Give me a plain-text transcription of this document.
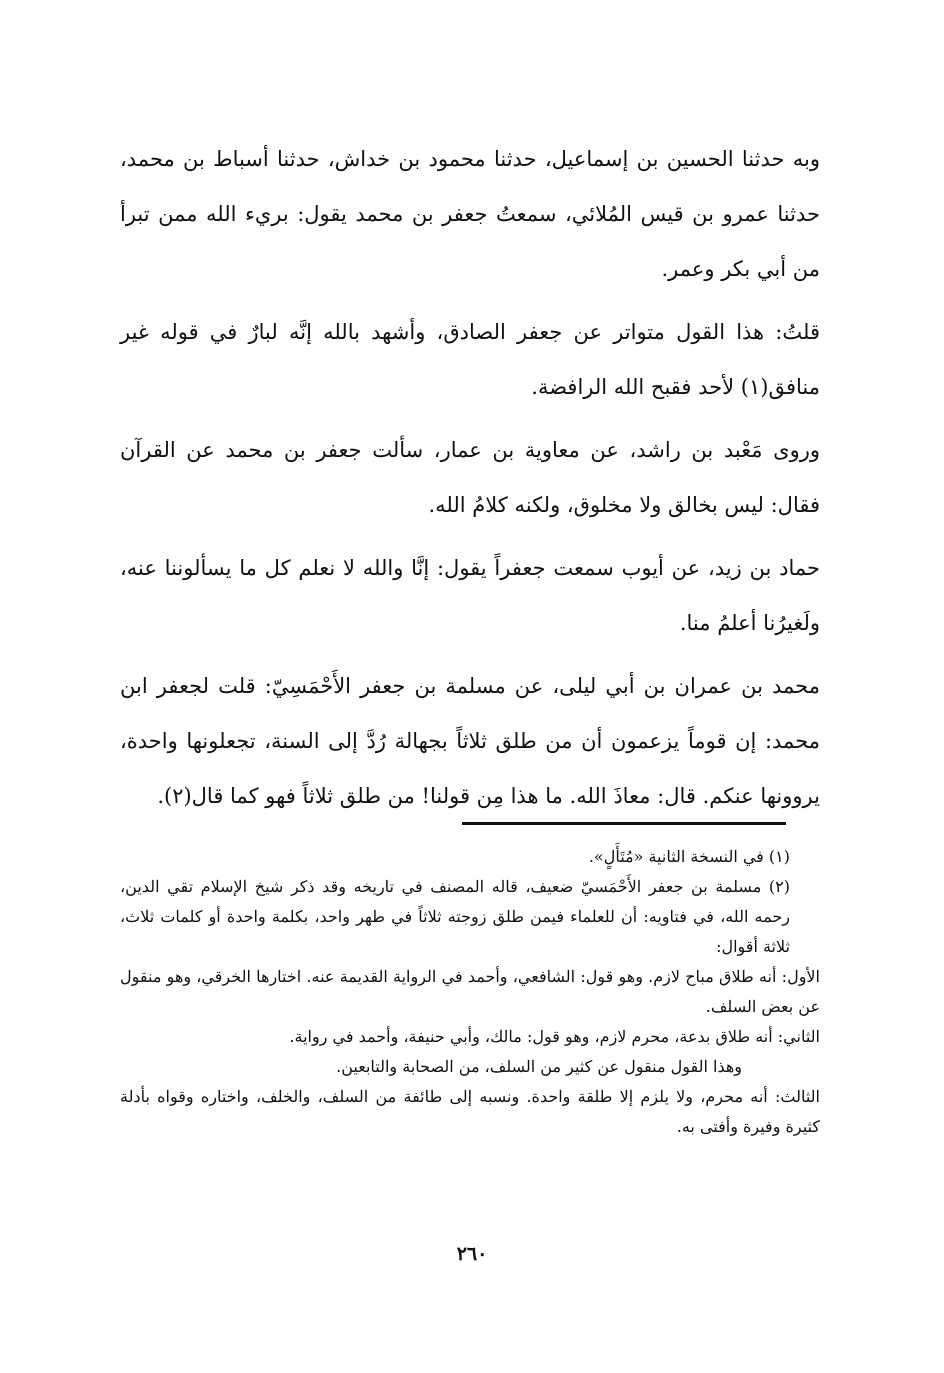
وبه حدثنا الحسين بن إسماعيل، حدثنا محمود بن خداش، حدثنا أسباط بن محمد، حدثنا عمرو بن قيس المُلائي، سمعتُ جعفر بن محمد يقول: بريء الله ممن تبرأ من أبي بكر وعمر.

قلتُ: هذا القول متواتر عن جعفر الصادق، وأشهد بالله إنَّه لبارٌ في قوله غير منافق(١) لأحد فقبح الله الرافضة.

وروى مَعْبد بن راشد، عن معاوية بن عمار، سألت جعفر بن محمد عن القرآن فقال: ليس بخالق ولا مخلوق، ولكنه كلامُ الله.

حماد بن زيد، عن أيوب سمعت جعفراً يقول: إنَّا والله لا نعلم كل ما يسألوننا عنه، ولَغيرُنا أعلمُ منا.

محمد بن عمران بن أبي ليلى، عن مسلمة بن جعفر الأَحْمَسِيّ: قلت لجعفر ابن محمد: إن قوماً يزعمون أن من طلق ثلاثاً بجهالة رُدَّ إلى السنة، تجعلونها واحدة، يروونها عنكم. قال: معاذَ الله. ما هذا مِن قولنا! من طلق ثلاثاً فهو كما قال(٢).

(١) في النسخة الثانية «مُتَأَلٍ».

(٢) مسلمة بن جعفر الأَحْمَسيّ ضعيف، قاله المصنف في تاريخه وقد ذكر شيخ الإسلام تقي الدين، رحمه الله، في فتاويه: أن للعلماء فيمن طلق زوجته ثلاثاً في طهر واحد، بكلمة واحدة أو كلمات ثلاث، ثلاثة أقوال:

الأول: أنه طلاق مباح لازم. وهو قول: الشافعي، وأحمد في الرواية القديمة عنه. اختارها الخرقي، وهو منقول عن بعض السلف.

الثاني: أنه طلاق بدعة، محرم لازم، وهو قول: مالك، وأبي حنيفة، وأحمد في رواية.

وهذا القول منقول عن كثير من السلف، من الصحابة والتابعين.

الثالث: أنه محرم، ولا يلزم إلا طلقة واحدة. ونسبه إلى طائفة من السلف، والخلف، واختاره وقواه بأدلة كثيرة وفيرة وأفتى به.

٢٦٠
